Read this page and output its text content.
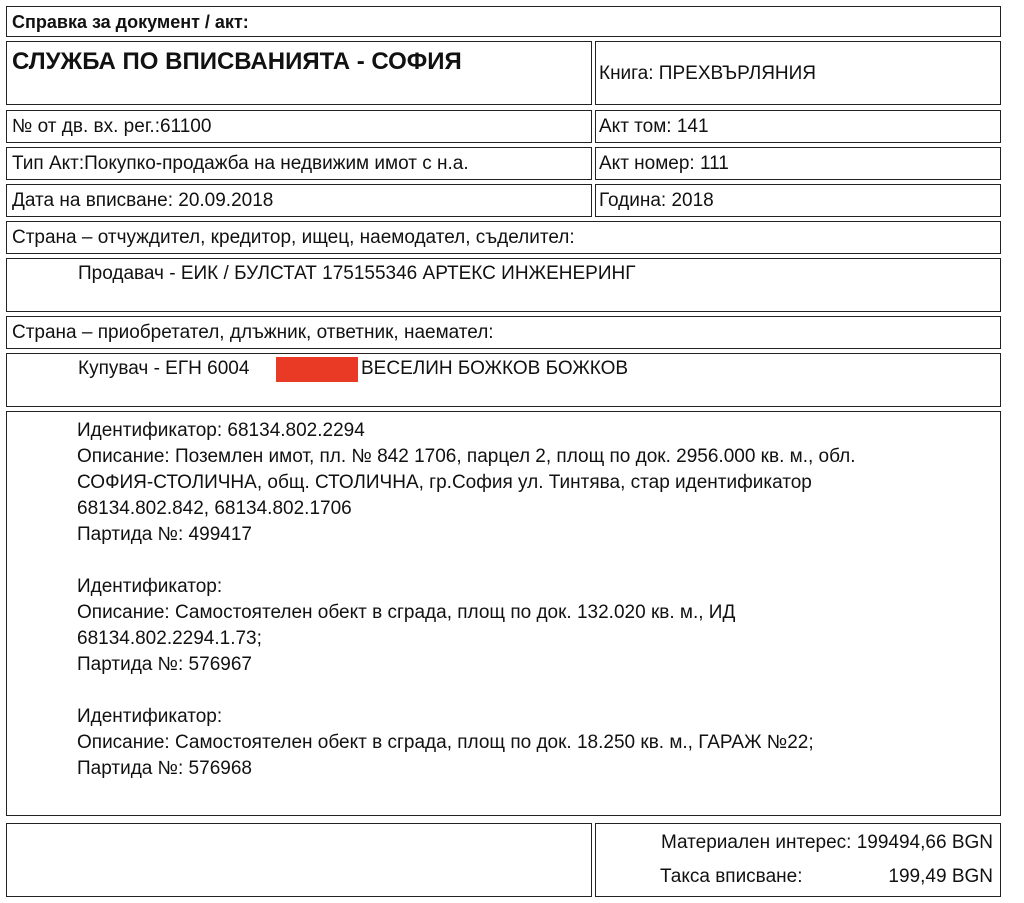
Справка за документ / акт:
СЛУЖБА ПО ВПИСВАНИЯТА - СОФИЯ	Книга: ПРЕХВЪРЛЯНИЯ
№ от дв. вх. рег.:61100	Акт том: 141
Тип Акт:Покупко-продажба на недвижим имот с н.а.	Акт номер: 111
Дата на вписване: 20.09.2018	Година: 2018
Страна – отчуждител, кредитор, ищец, наемодател, съделител:
Продавач - ЕИК / БУЛСТАТ 175155346 АРТЕКС ИНЖЕНЕРИНГ
Страна – приобретател, длъжник, ответник, наемател:
Купувач - ЕГН 6004	ВЕСЕЛИН БОЖКОВ БОЖКОВ
Идентификатор: 68134.802.2294
Описание: Поземлен имот, пл. № 842 1706, парцел 2, площ по док. 2956.000 кв. м., обл.
СОФИЯ-СТОЛИЧНА, общ. СТОЛИЧНА, гр.София ул. Тинтява, стар идентификатор
68134.802.842, 68134.802.1706
Партида №: 499417
Идентификатор:
Описание: Самостоятелен обект в сграда, площ по док. 132.020 кв. м., ИД
68134.802.2294.1.73;
Партида №: 576967
Идентификатор:
Описание: Самостоятелен обект в сграда, площ по док. 18.250 кв. м., ГАРАЖ №22;
Партида №: 576968
Материален интерес: 199494,66 BGN
Такса вписване:	199,49 BGN
